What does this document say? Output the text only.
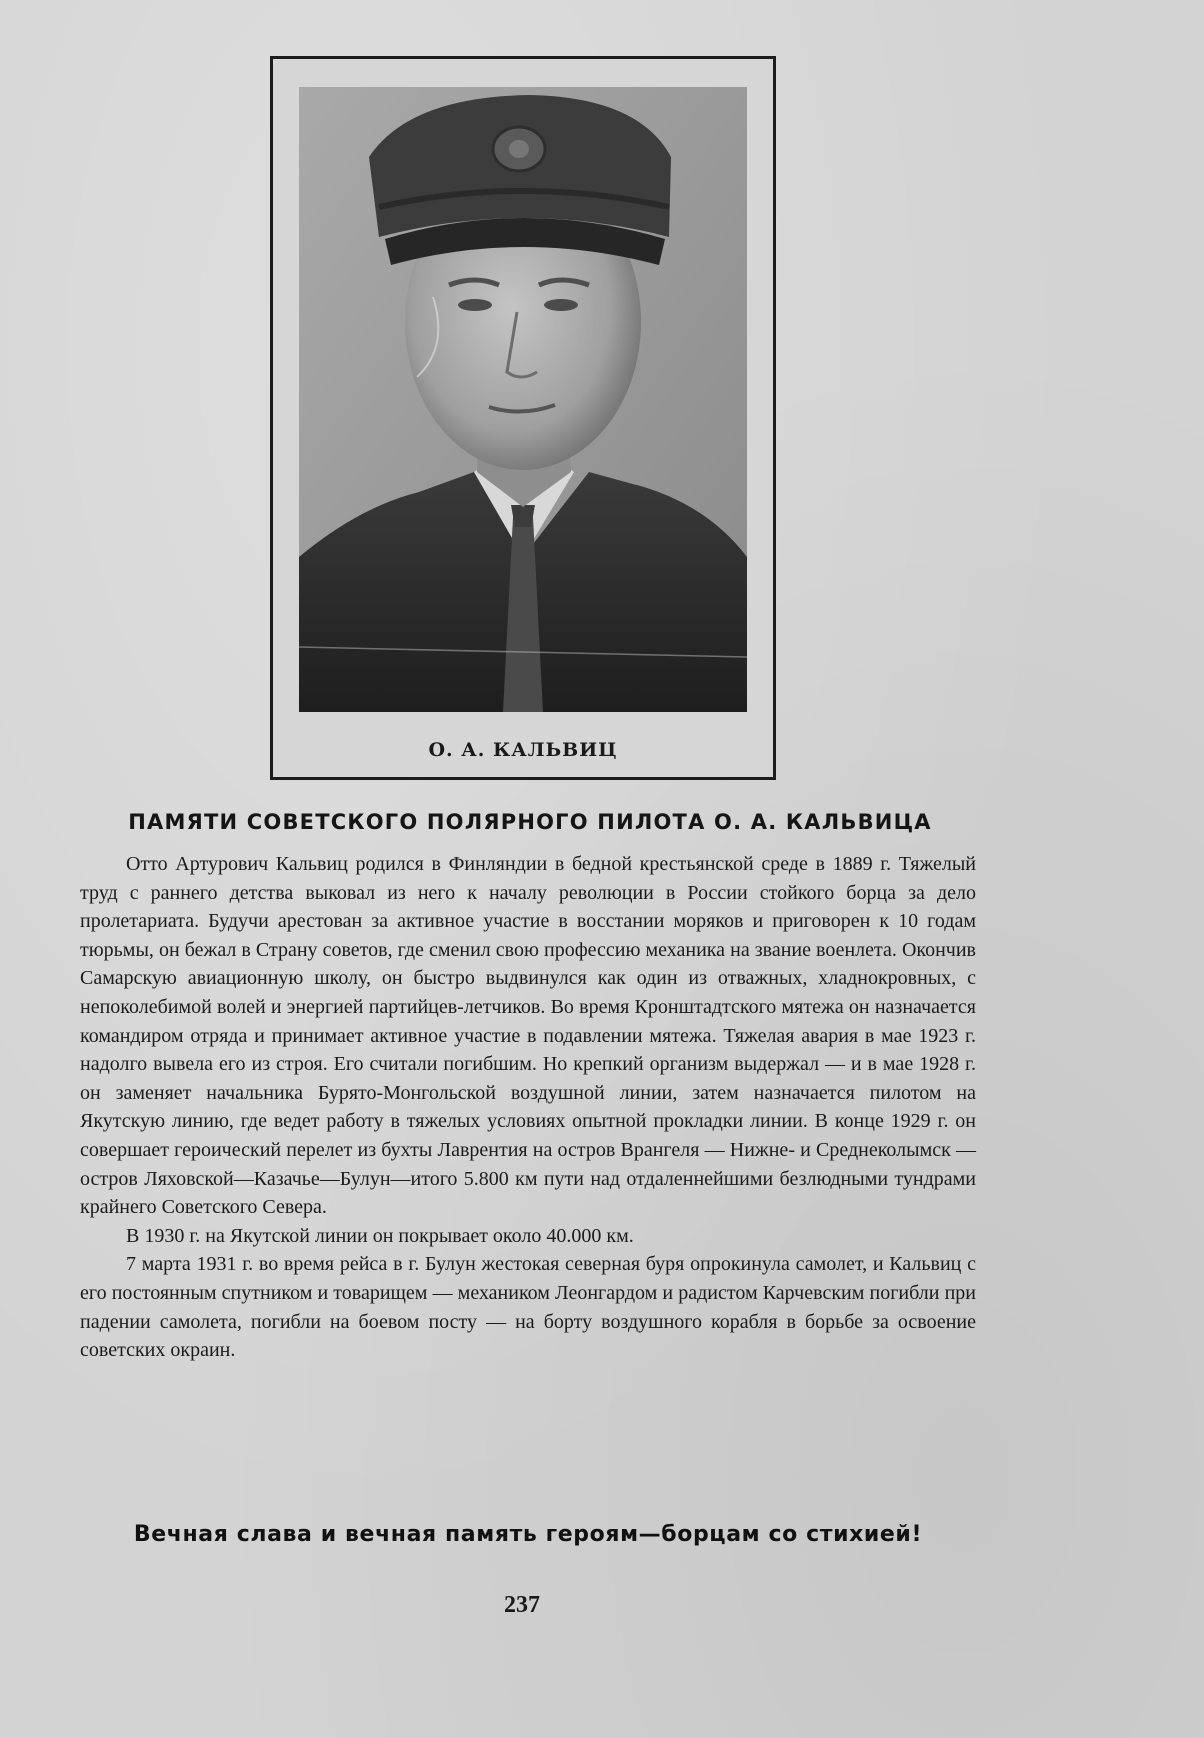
О. А. КАЛЬВИЦ
ПАМЯТИ СОВЕТСКОГО ПОЛЯРНОГО ПИЛОТА О. А. КАЛЬВИЦА

Отто Артурович Кальвиц родился в Финляндии в бедной крестьянской среде в 1889 г. Тяжелый труд с раннего детства выковал из него к началу революции в России стойкого борца за дело пролетариата. Будучи арестован за активное участие в восстании моряков и приговорен к 10 годам тюрьмы, он бежал в Страну советов, где сменил свою профессию механика на звание военлета. Окончив Самарскую авиационную школу, он быстро выдвинулся как один из отважных, хладнокровных, с непоколебимой волей и энергией партийцев-летчиков. Во время Кронштадтского мятежа он назначается командиром отряда и принимает активное участие в подавлении мятежа. Тяжелая авария в мае 1923 г. надолго вывела его из строя. Его считали погибшим. Но крепкий организм выдержал — и в мае 1928 г. он заменяет начальника Бурято-Монгольской воздушной линии, затем назначается пилотом на Якутскую линию, где ведет работу в тяжелых условиях опытной прокладки линии. В конце 1929 г. он совершает героический перелет из бухты Лаврентия на остров Врангеля — Нижне- и Среднеколымск — остров Ляховской—Казачье—Булун—итого 5.800 км пути над отдаленнейшими безлюдными тундрами крайнего Советского Севера.

В 1930 г. на Якутской линии он покрывает около 40.000 км.

7 марта 1931 г. во время рейса в г. Булун жестокая северная буря опрокинула самолет, и Кальвиц с его постоянным спутником и товарищем — механиком Леонгардом и радистом Карчевским погибли при падении самолета, погибли на боевом посту — на борту воздушного корабля в борьбе за освоение советских окраин.

Вечная слава и вечная память героям—борцам со стихией!
237
